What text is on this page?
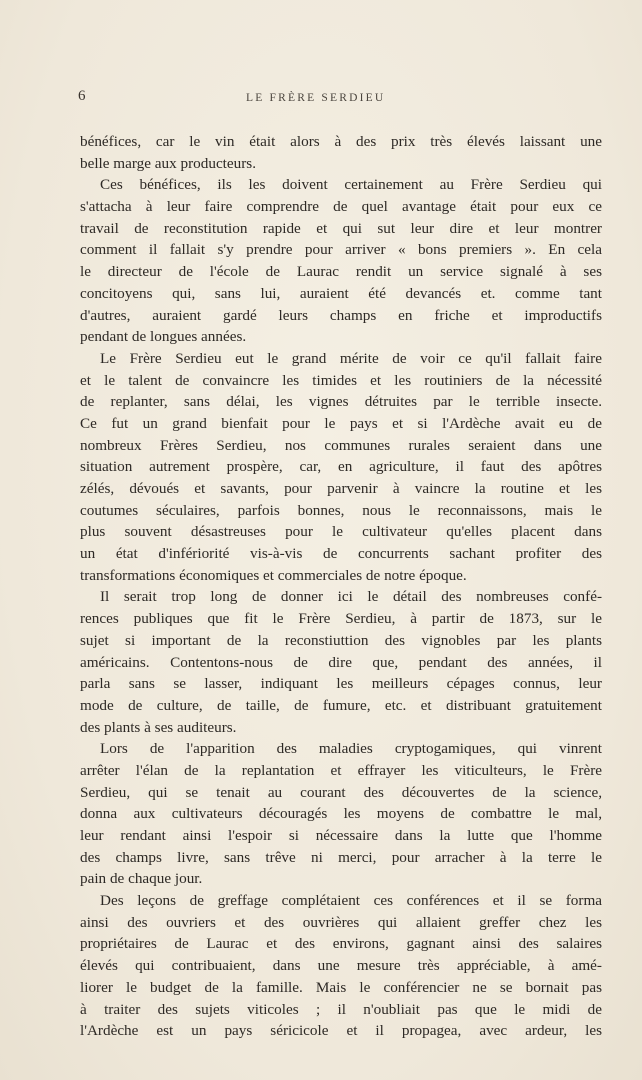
6	LE FRÈRE SERDIEU
bénéfices, car le vin était alors à des prix très élevés laissant une
belle marge aux producteurs.
Ces bénéfices, ils les doivent certainement au Frère Serdieu qui
s'attacha à leur faire comprendre de quel avantage était pour eux ce
travail de reconstitution rapide et qui sut leur dire et leur montrer
comment il fallait s'y prendre pour arriver « bons premiers ». En cela
le directeur de l'école de Laurac rendit un service signalé à ses
concitoyens qui, sans lui, auraient été devancés et. comme tant
d'autres, auraient gardé leurs champs en friche et improductifs
pendant de longues années.
Le Frère Serdieu eut le grand mérite de voir ce qu'il fallait faire
et le talent de convaincre les timides et les routiniers de la nécessité
de replanter, sans délai, les vignes détruites par le terrible insecte.
Ce fut un grand bienfait pour le pays et si l'Ardèche avait eu de
nombreux Frères Serdieu, nos communes rurales seraient dans une
situation autrement prospère, car, en agriculture, il faut des apôtres
zélés, dévoués et savants, pour parvenir à vaincre la routine et les
coutumes séculaires, parfois bonnes, nous le reconnaissons, mais le
plus souvent désastreuses pour le cultivateur qu'elles placent dans
un état d'infériorité vis-à-vis de concurrents sachant profiter des
transformations économiques et commerciales de notre époque.
Il serait trop long de donner ici le détail des nombreuses confé-
rences publiques que fit le Frère Serdieu, à partir de 1873, sur le
sujet si important de la reconstiuttion des vignobles par les plants
américains. Contentons-nous de dire que, pendant des années, il
parla sans se lasser, indiquant les meilleurs cépages connus, leur
mode de culture, de taille, de fumure, etc. et distribuant gratuitement
des plants à ses auditeurs.
Lors de l'apparition des maladies cryptogamiques, qui vinrent
arrêter l'élan de la replantation et effrayer les viticulteurs, le Frère
Serdieu, qui se tenait au courant des découvertes de la science,
donna aux cultivateurs découragés les moyens de combattre le mal,
leur rendant ainsi l'espoir si nécessaire dans la lutte que l'homme
des champs livre, sans trêve ni merci, pour arracher à la terre le
pain de chaque jour.
Des leçons de greffage complétaient ces conférences et il se forma
ainsi des ouvriers et des ouvrières qui allaient greffer chez les
propriétaires de Laurac et des environs, gagnant ainsi des salaires
élevés qui contribuaient, dans une mesure très appréciable, à amé-
liorer le budget de la famille. Mais le conférencier ne se bornait pas
à traiter des sujets viticoles ; il n'oubliait pas que le midi de
l'Ardèche est un pays séricicole et il propagea, avec ardeur, les
